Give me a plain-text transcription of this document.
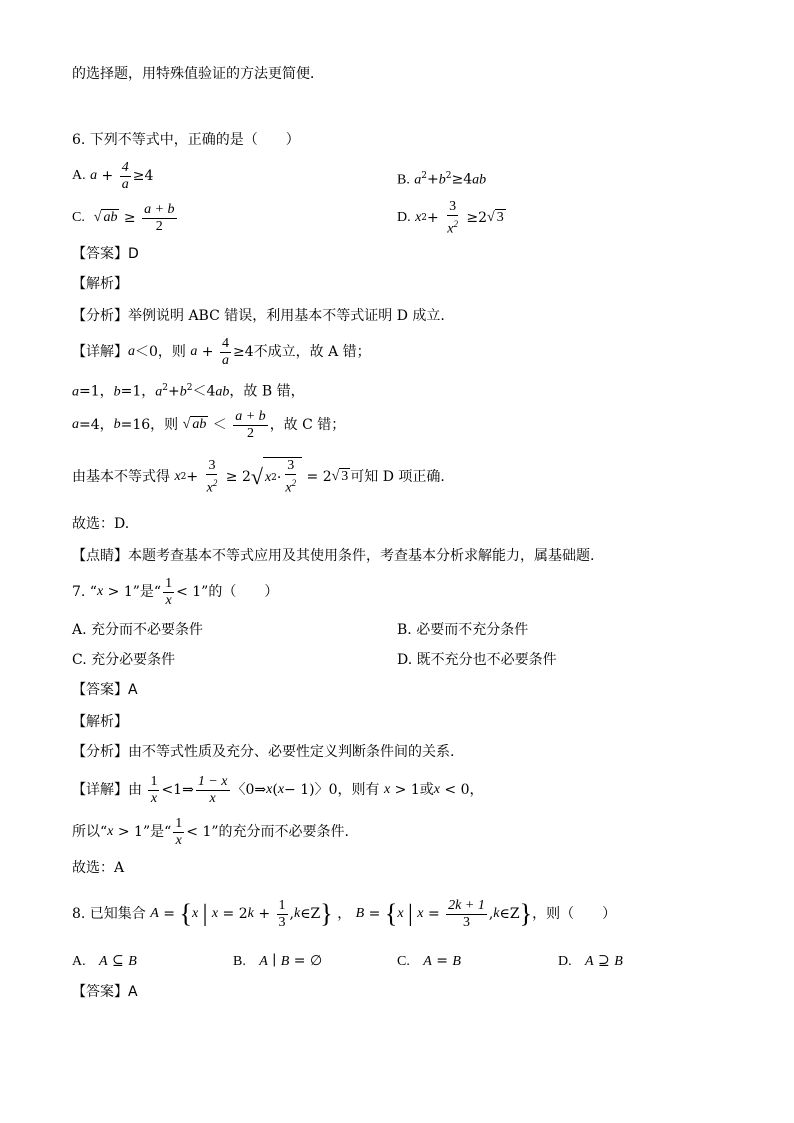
的选择题，用特殊值验证的方法更简便．
6. 下列不等式中，正确的是（　　）
A.
$a + \frac{4}{a} \ge 4$	B. $a^2+b^2\ge 4ab$
C.
√ ab ≥ $\frac{a + b}{2}$	D.
x $2 + \frac{3}{x^2} \ge 2$ √ 3
【答案】D
【解析】
【分析】举例说明 ABC 错误，利用基本不等式证明 D 成立.
【详解】 a ＜0，则 $a + \frac{4}{a} \ge 4$ 不成立，故 A 错；
a=1，b=1，$a^2+b^2<4ab$，故 B 错，
a =4， b =16，则 √ ab ＜ $\frac{a + b}{2}$ ，故 C 错；
由基本不等式得
x $2 + \frac{3}{x^2} \ge 2$ √ x $2 \cdot \frac{3}{x^2} = 2$ √ 3 可知 D 项正确.
故选：D.
【点睛】本题考查基本不等式应用及其使用条件，考查基本分析求解能力，属基础题.
7. “ x > 1 ”是“ $\frac{1}{x} < 1$ ”的（　　）
A. 充分而不必要条件	B. 必要而不充分条件
C. 充分必要条件	D. 既不充分也不必要条件
【答案】A
【解析】
【分析】由不等式性质及充分、必要性定义判断条件间的关系.
【详解】由
$\frac{1}{x}$ <1⇒ $\frac{1 - x}{x}$ 〈0⇒ x ( x − 1)〉0 ，则有
x > 1 或 x < 0 ，
所以“ x > 1 ”是“ $\frac{1}{x} < 1$ ”的充分而不必要条件.
故选：A
8. 已知集合
A = { x
|
x = 2 $k + \frac{1}{3}$ , k ∈Z } ， B = { x
|
$x = \frac{2k + 1}{3}$ , k ∈Z } ，则（　　）
A. A ⊆ B	B. A ∣ B = ∅	C. A = B	D. A ⊇ B
【答案】A
